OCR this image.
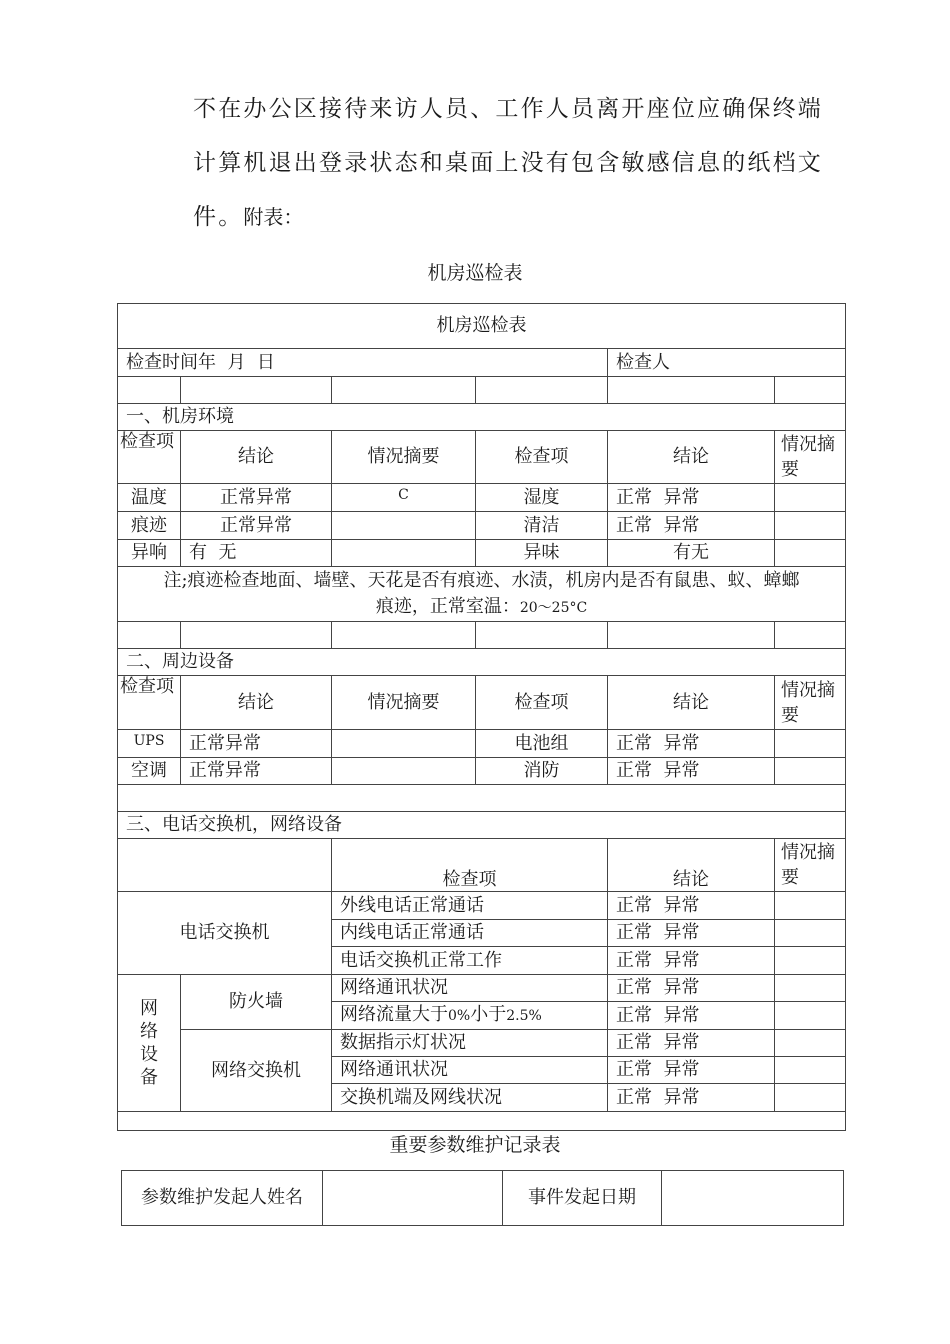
不在办公区接待来访人员、工作人员离开座位应确保终端
计算机退出登录状态和桌面上没有包含敏感信息的纸档文
件。附表：
机房巡检表
机房巡检表					
检查时间年  月  日				检查人	

一、机房环境					
检查项	结论	情况摘要	检查项	结论	情况摘要
温度	正常异常	C	湿度	正常  异常	
痕迹	正常异常		清洁	正常  异常	
异响	有  无		异味	有无	

注;痕迹检查地面、墙壁、天花是否有痕迹、水渍，机房内是否有鼠患、蚁、蟑螂
痕迹，正常室温：20〜25°C					

二、周边设备					
检查项	结论	情况摘要	检查项	结论	情况摘要
UPS	正常异常		电池组	正常  异常	
空调	正常异常		消防	正常  异常	

三、电话交换机，网络设备					
		检查项		结论	情况摘要
电话交换机		外线电话正常通话		正常  异常	
		内线电话正常通话		正常  异常	
		电话交换机正常工作		正常  异常	

网络设备	防火墙	网络通讯状况		正常  异常	
		网络流量大于0%小于2.5%		正常  异常	
	网络交换机	数据指示灯状况		正常  异常	
		网络通讯状况		正常  异常	
		交换机端及网线状况		正常  异常	

重要参数维护记录表
参数维护发起人姓名		事件发起日期	
